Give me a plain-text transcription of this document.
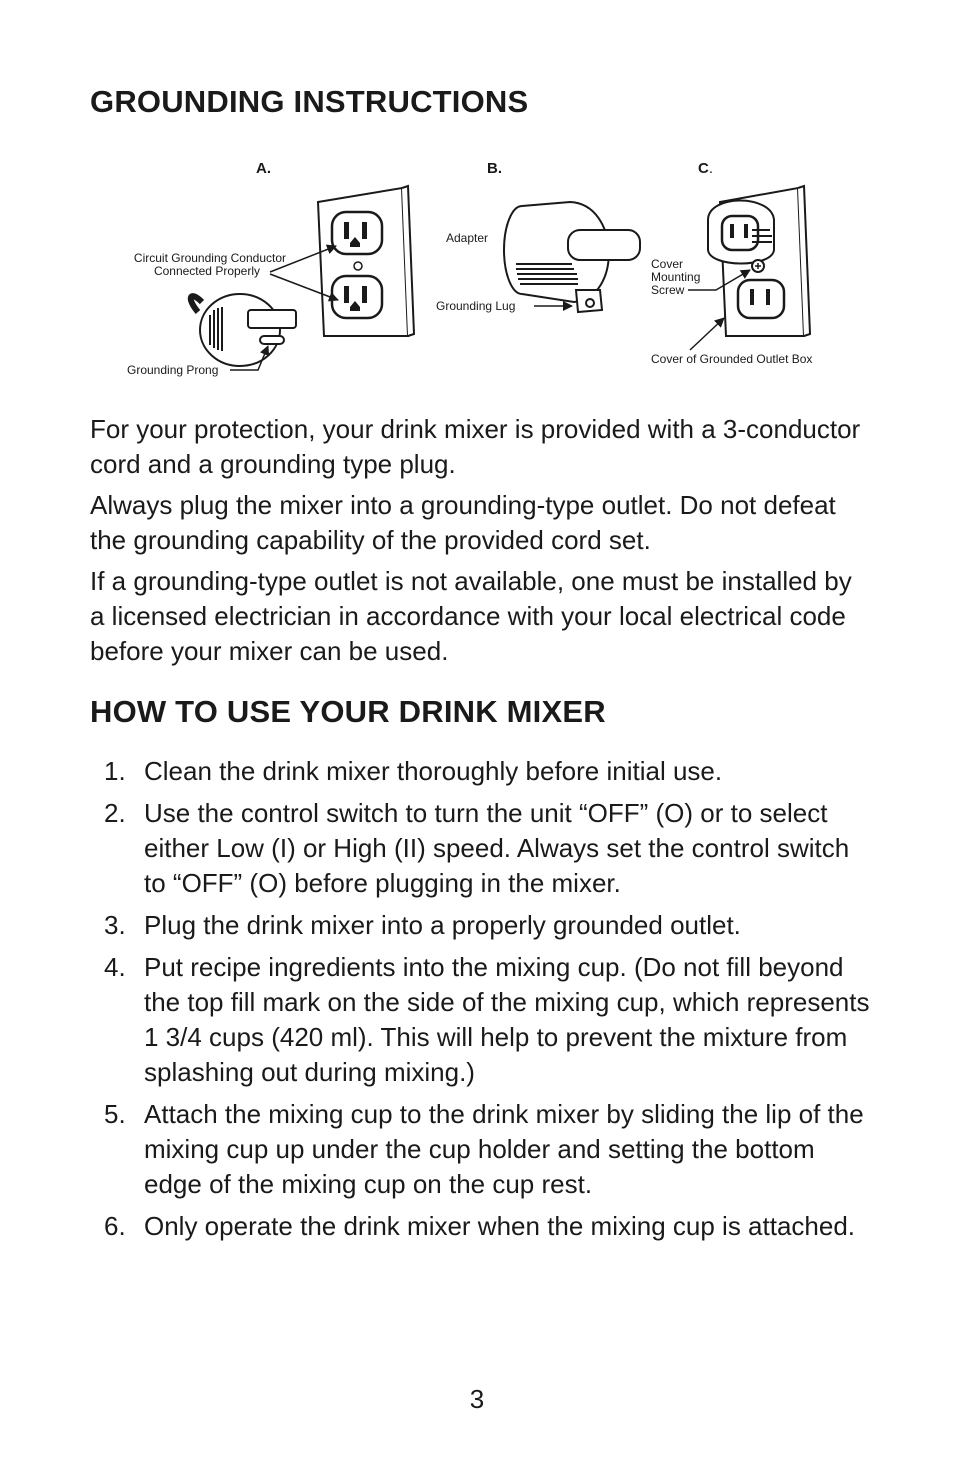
GROUNDING INSTRUCTIONS
A.	B.	C.
Circuit Grounding Conductor
Connected Properly
Grounding Prong
Adapter
Grounding Lug
Cover
Mounting
Screw
Cover of Grounded Outlet Box

For your protection, your drink mixer is provided with a 3-conductor cord and a grounding type plug.

Always plug the mixer into a grounding-type outlet. Do not defeat the grounding capability of the provided cord set.

If a grounding-type outlet is not available, one must be installed by a licensed electrician in accordance with your local electrical code before your mixer can be used.

HOW TO USE YOUR DRINK MIXER
1. Clean the drink mixer thoroughly before initial use.
2. Use the control switch to turn the unit “OFF” (O) or to select either Low (I) or High (II) speed. Always set the control switch to “OFF” (O) before plugging in the mixer.
3. Plug the drink mixer into a properly grounded outlet.
4. Put recipe ingredients into the mixing cup. (Do not fill beyond the top fill mark on the side of the mixing cup, which represents 1 3/4 cups (420 ml). This will help to prevent the mixture from splashing out during mixing.)
5. Attach the mixing cup to the drink mixer by sliding the lip of the mixing cup up under the cup holder and setting the bottom edge of the mixing cup on the cup rest.
6. Only operate the drink mixer when the mixing cup is attached.
3
